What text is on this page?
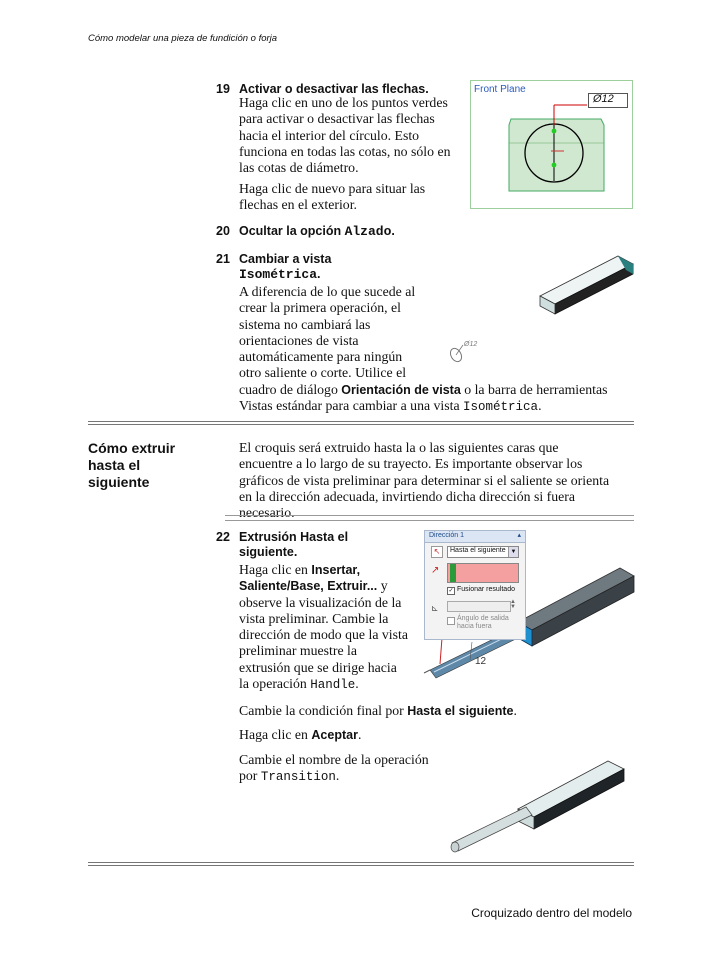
Cómo modelar una pieza de fundición o forja
Croquizado dentro del modelo
19 Activar o desactivar las flechas.
Haga clic en uno de los puntos verdes
para activar o desactivar las flechas
hacia el interior del círculo. Esto
funciona en todas las cotas, no sólo en
las cotas de diámetro.
Haga clic de nuevo para situar las
flechas en el exterior.
Front Plane
Ø12
20 Ocultar la opción Alzado.
21 Cambiar a vista
Isométrica.
A diferencia de lo que sucede al
crear la primera operación, el
sistema no cambiará las
orientaciones de vista
automáticamente para ningún
otro saliente o corte. Utilice el
cuadro de diálogo Orientación de vista o la barra de herramientas
Vistas estándar para cambiar a una vista Isométrica.
Ø12
Cómo extruir
hasta el
siguiente
El croquis será extruido hasta la o las siguientes caras que
encuentre a lo largo de su trayecto. Es importante observar los
gráficos de vista preliminar para determinar si el saliente se orienta
en la dirección adecuada, invirtiendo dicha dirección si fuera
necesario.
22 Extrusión Hasta el
siguiente.
Haga clic en Insertar,
Saliente/Base, Extruir... y
observe la visualización de la
vista preliminar. Cambie la
dirección de modo que la vista
preliminar muestre la
extrusión que se dirige hacia
la operación Handle.
Cambie la condición final por Hasta el siguiente.
Haga clic en Aceptar.
Cambie el nombre de la operación
por Transition.
12
Dirección 1	▴
↖	Hasta el siguiente ▼
↗
✓ Fusionar resultado
⊾
▲
▼
Ángulo de salida
hacia fuera
